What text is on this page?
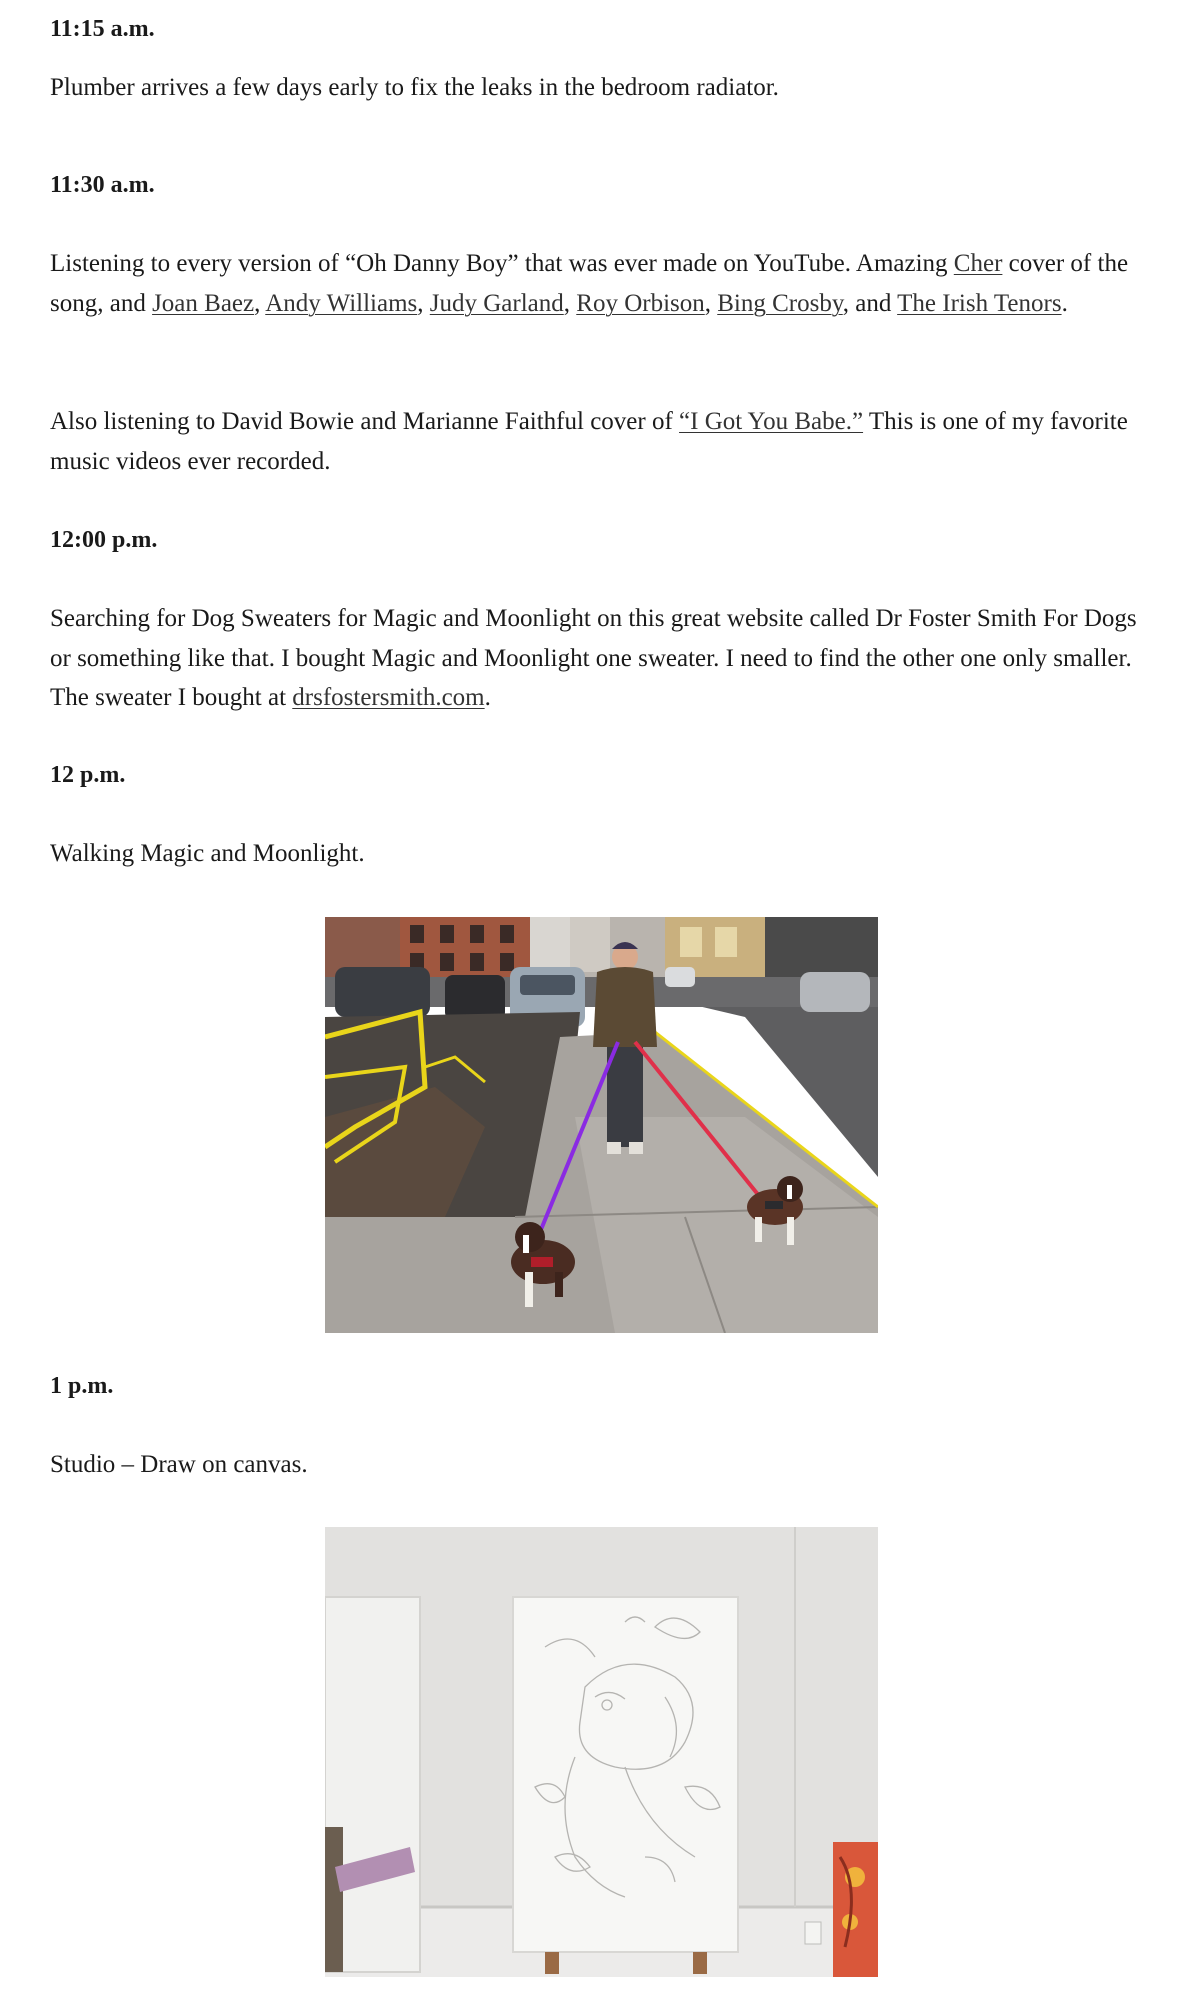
11:15 a.m.

Plumber arrives a few days early to fix the leaks in the bedroom radiator.

11:30 a.m.

Listening to every version of “Oh Danny Boy” that was ever made on YouTube. Amazing Cher cover of the song, and Joan Baez, Andy Williams, Judy Garland, Roy Orbison, Bing Crosby, and The Irish Tenors.

Also listening to David Bowie and Marianne Faithful cover of “I Got You Babe.” This is one of my favorite music videos ever recorded.

12:00 p.m.

Searching for Dog Sweaters for Magic and Moonlight on this great website called Dr Foster Smith For Dogs or something like that. I bought Magic and Moonlight one sweater. I need to find the other one only smaller. The sweater I bought at drsfostersmith.com.

12 p.m.

Walking Magic and Moonlight.

1 p.m.

Studio – Draw on canvas.
